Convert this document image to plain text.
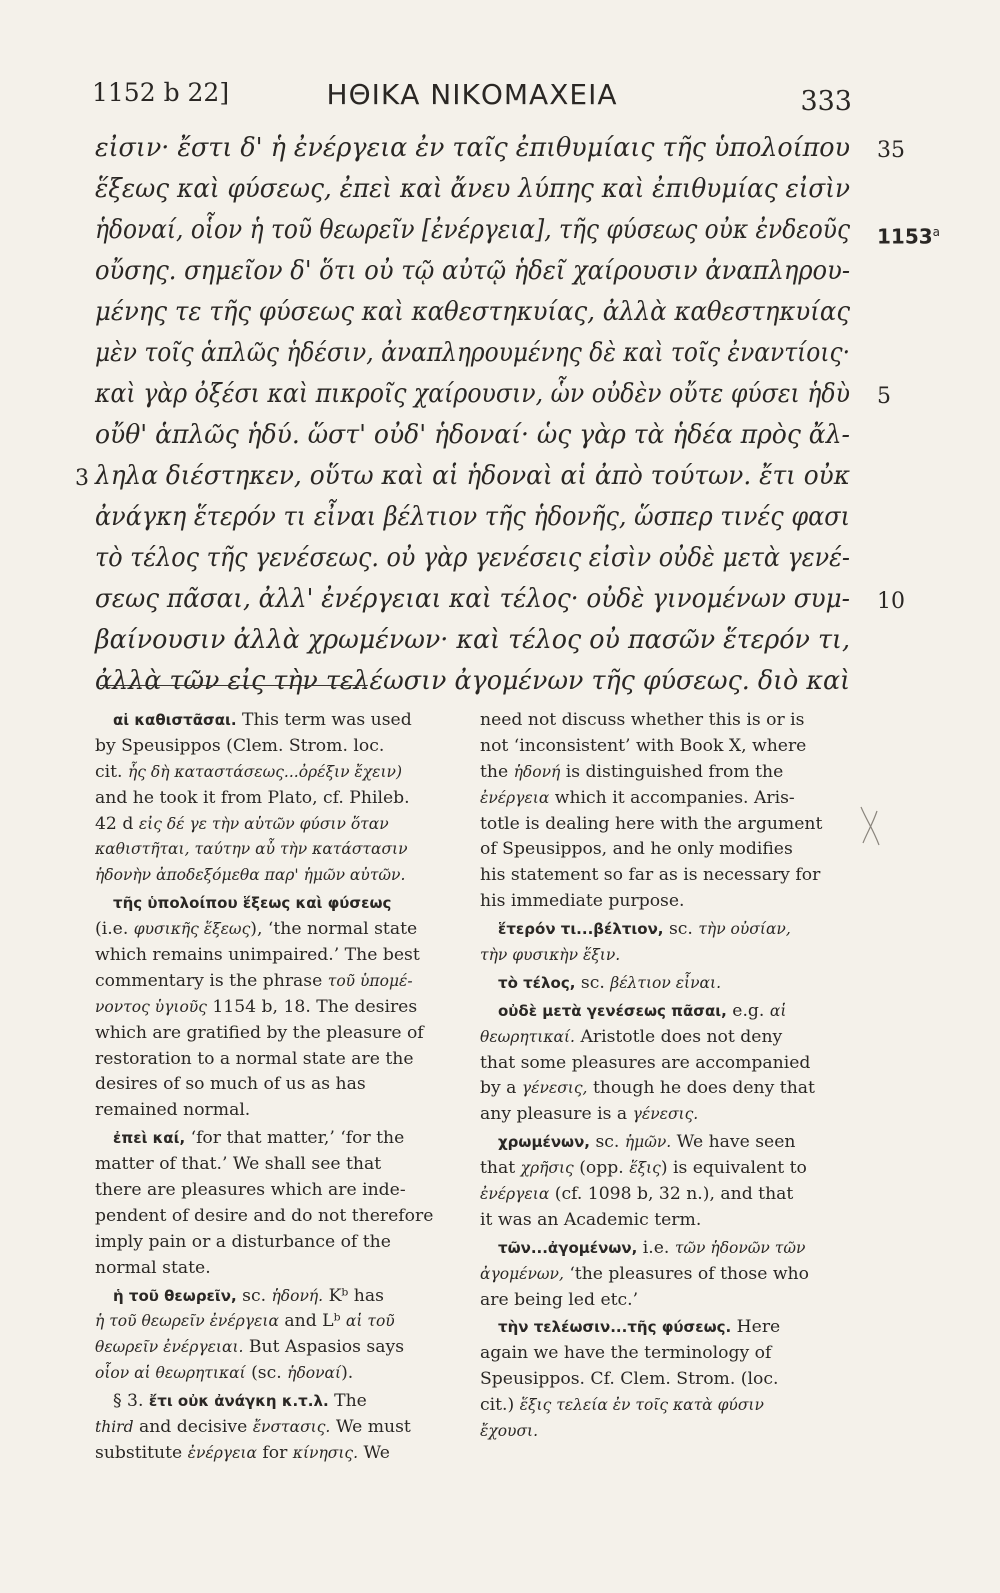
1152 b 22]	ΗΘΙΚΑ ΝΙΚΟΜΑΧΕΙΑ	333
εἰσιν· ἔστι δ' ἡ ἐνέργεια ἐν ταῖς ἐπιθυμίαις τῆς ὑπολοίπου 35
ἕξεως καὶ φύσεως, ἐπεὶ καὶ ἄνευ λύπης καὶ ἐπιθυμίας εἰσὶν
ἡδοναί, οἷον ἡ τοῦ θεωρεῖν [ἐνέργεια], τῆς φύσεως οὐκ ἐνδεοῦς 1153$^a$
οὔσης. σημεῖον δ' ὅτι οὐ τῷ αὐτῷ ἡδεῖ χαίρουσιν ἀναπληρου-
μένης τε τῆς φύσεως καὶ καθεστηκυίας, ἀλλὰ καθεστηκυίας
μὲν τοῖς ἁπλῶς ἡδέσιν, ἀναπληρουμένης δὲ καὶ τοῖς ἐναντίοις·
καὶ γὰρ ὀξέσι καὶ πικροῖς χαίρουσιν, ὧν οὐδὲν οὔτε φύσει ἡδὺ 5
οὔθ' ἁπλῶς ἡδύ. ὥστ' οὐδ' ἡδοναί· ὡς γὰρ τὰ ἡδέα πρὸς ἄλ-
ληλα διέστηκεν, οὕτω καὶ αἱ ἡδοναὶ αἱ ἀπὸ τούτων. ἔτι οὐκ
3
ἀνάγκη ἕτερόν τι εἶναι βέλτιον τῆς ἡδονῆς, ὥσπερ τινές φασι
τὸ τέλος τῆς γενέσεως. οὐ γὰρ γενέσεις εἰσὶν οὐδὲ μετὰ γενέ-
σεως πᾶσαι, ἀλλ' ἐνέργειαι καὶ τέλος· οὐδὲ γινομένων συμ- 10
βαίνουσιν ἀλλὰ χρωμένων· καὶ τέλος οὐ πασῶν ἕτερόν τι,
ἀλλὰ τῶν εἰς τὴν τελέωσιν ἀγομένων τῆς φύσεως. διὸ καὶ
αἱ καθιστᾶσαι. This term was used
by Speusippos (Clem. Strom. loc.
cit. ἧς δὴ καταστάσεως...ὀρέξιν ἔχειν)
and he took it from Plato, cf. Phileb.
42 d εἰς δέ γε τὴν αὑτῶν φύσιν ὅταν
καθιστῆται, ταύτην αὖ τὴν κατάστασιν
ἡδονὴν ἀποδεξόμεθα παρ' ἡμῶν αὐτῶν.
τῆς ὑπολοίπου ἕξεως καὶ φύσεως
(i.e. φυσικῆς ἕξεως), ‘the normal state
which remains unimpaired.’ The best
commentary is the phrase τοῦ ὑπομέ-
νοντος ὑγιοῦς 1154 b, 18. The desires
which are gratified by the pleasure of
restoration to a normal state are the
desires of so much of us as has
remained normal.
ἐπεὶ καί, ‘for that matter,’ ‘for the
matter of that.’ We shall see that
there are pleasures which are inde-
pendent of desire and do not therefore
imply pain or a disturbance of the
normal state.
ἡ τοῦ θεωρεῖν, sc. ἡδονή. Kᵇ has
ἡ τοῦ θεωρεῖν ἐνέργεια and Lᵇ αἱ τοῦ
θεωρεῖν ἐνέργειαι. But Aspasios says
οἷον αἱ θεωρητικαί (sc. ἡδοναί).
§ 3. ἔτι οὐκ ἀνάγκη κ.τ.λ. The
third and decisive ἔνστασις. We must
substitute ἐνέργεια for κίνησις. We
need not discuss whether this is or is
not ‘inconsistent’ with Book X, where
the ἡδονή is distinguished from the
ἐνέργεια which it accompanies. Aris-
totle is dealing here with the argument
of Speusippos, and he only modifies
his statement so far as is necessary for
his immediate purpose.
ἕτερόν τι...βέλτιον, sc. τὴν οὐσίαν,
τὴν φυσικὴν ἕξιν.
τὸ τέλος, sc. βέλτιον εἶναι.
οὐδὲ μετὰ γενέσεως πᾶσαι, e.g. αἱ
θεωρητικαί. Aristotle does not deny
that some pleasures are accompanied
by a γένεσις, though he does deny that
any pleasure is a γένεσις.
χρωμένων, sc. ἡμῶν. We have seen
that χρῆσις (opp. ἕξις) is equivalent to
ἐνέργεια (cf. 1098 b, 32 n.), and that
it was an Academic term.
τῶν...ἀγομένων, i.e. τῶν ἡδονῶν τῶν
ἀγομένων, ‘the pleasures of those who
are being led etc.’
τὴν τελέωσιν...τῆς φύσεως. Here
again we have the terminology of
Speusippos. Cf. Clem. Strom. (loc.
cit.) ἕξις τελεία ἐν τοῖς κατὰ φύσιν
ἔχουσι.
